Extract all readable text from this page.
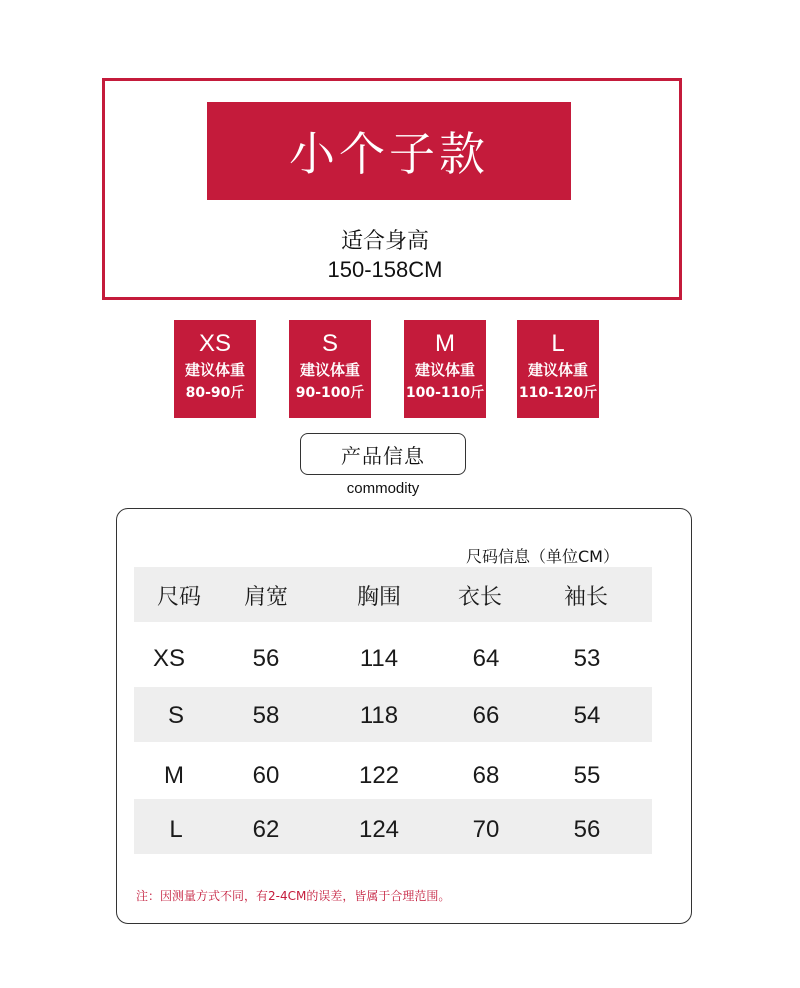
小个子款
适合身高
150-158CM
XS
建议体重
80-90斤
S
建议体重
90-100斤
M
建议体重
100-110斤
L
建议体重
110-120斤
产品信息
commodity
尺码信息（单位CM）
尺码	肩宽	胸围	衣长	袖长
XS	56	114	64	53
S	58	118	66	54
M	60	122	68	55
L	62	124	70	56
注：因测量方式不同，有2-4CM的误差，皆属于合理范围。
